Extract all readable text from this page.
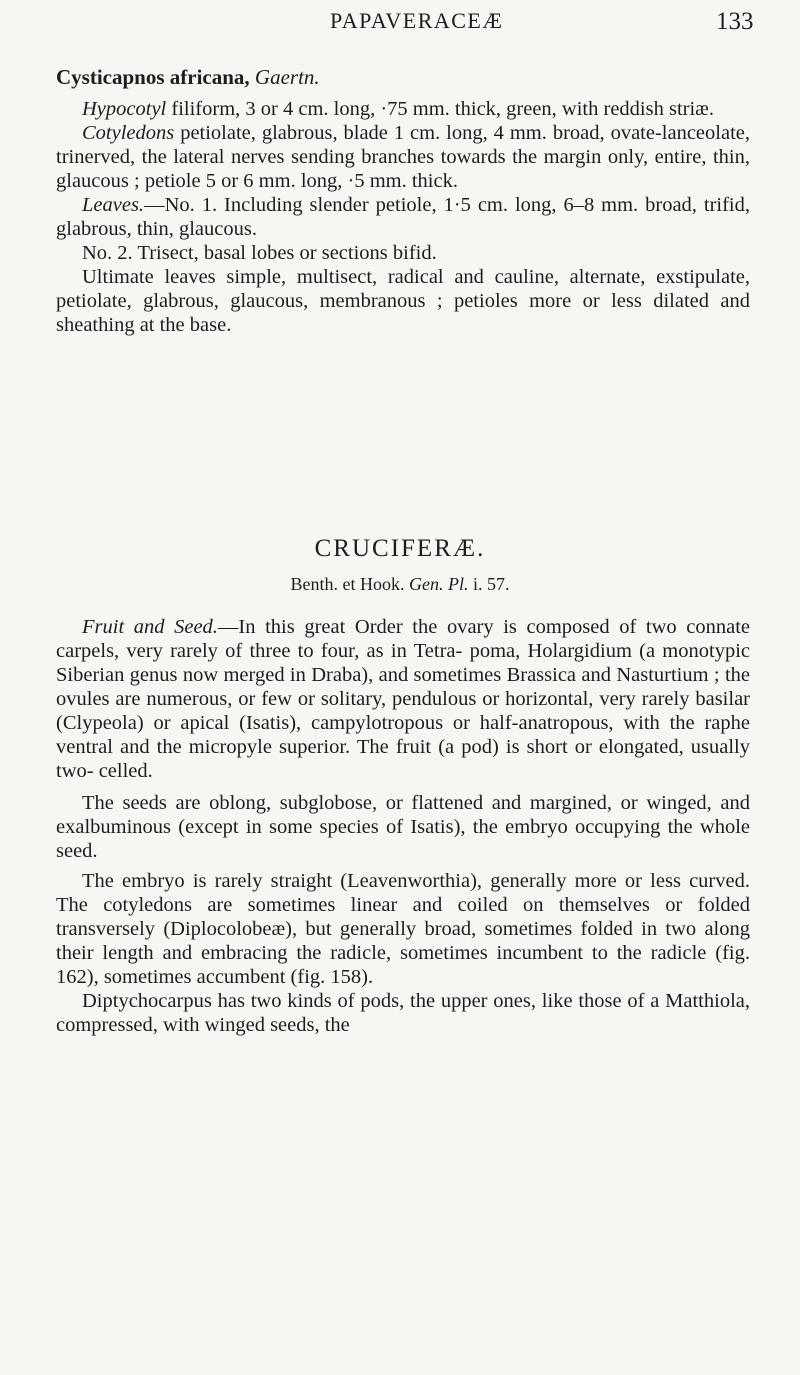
PAPAVERACEÆ	133
Cysticapnos africana, Gaertn.

Hypocotyl filiform, 3 or 4 cm. long, ·75 mm. thick, green, with reddish striæ.

Cotyledons petiolate, glabrous, blade 1 cm. long, 4 mm. broad, ovate-lanceolate, trinerved, the lateral nerves sending branches towards the margin only, entire, thin, glaucous ; petiole 5 or 6 mm. long, ·5 mm. thick.

Leaves.—No. 1. Including slender petiole, 1·5 cm. long, 6–8 mm. broad, trifid, glabrous, thin, glaucous.

No. 2. Trisect, basal lobes or sections bifid.

Ultimate leaves simple, multisect, radical and cauline, alternate, exstipulate, petiolate, glabrous, glaucous, membranous ; petioles more or less dilated and sheathing at the base.

CRUCIFERÆ.
Benth. et Hook. Gen. Pl. i. 57.

Fruit and Seed.—In this great Order the ovary is composed of two connate carpels, very rarely of three to four, as in Tetra- poma, Holargidium (a monotypic Siberian genus now merged in Draba), and sometimes Brassica and Nasturtium ; the ovules are numerous, or few or solitary, pendulous or horizontal, very rarely basilar (Clypeola) or apical (Isatis), campylotropous or half-anatropous, with the raphe ventral and the micropyle superior. The fruit (a pod) is short or elongated, usually two- celled.

The seeds are oblong, subglobose, or flattened and margined, or winged, and exalbuminous (except in some species of Isatis), the embryo occupying the whole seed.

The embryo is rarely straight (Leavenworthia), generally more or less curved. The cotyledons are sometimes linear and coiled on themselves or folded transversely (Diplocolobeæ), but generally broad, sometimes folded in two along their length and embracing the radicle, sometimes incumbent to the radicle (fig. 162), sometimes accumbent (fig. 158).

Diptychocarpus has two kinds of pods, the upper ones, like those of a Matthiola, compressed, with winged seeds, the
